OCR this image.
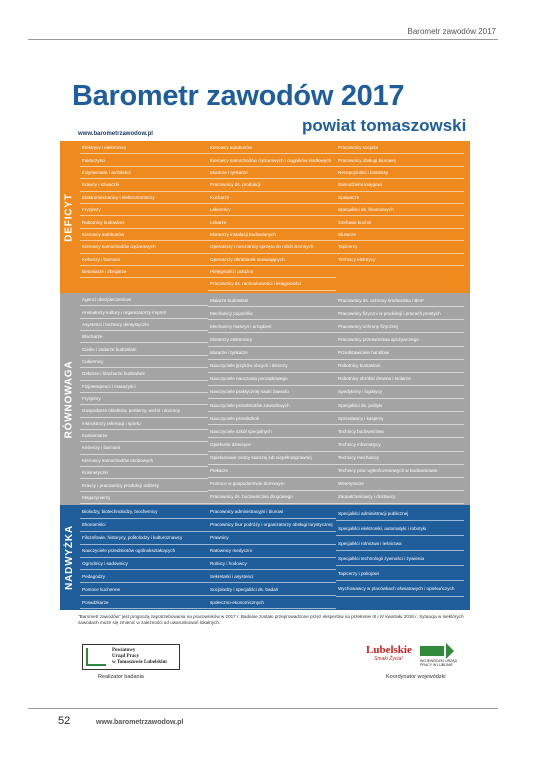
Barometr zawodów 2017
Barometr zawodów 2017
powiat tomaszowski
www.barometrzawodow.pl
DEFICYT
Elektrycy i elektronicy
Fakturzyści
Inżynierowie i architekci
Krawcy i szwaczki
Elektromechanicy i elektromonterzy
Fryzjerzy
Robotnicy budowlani
Kierowcy autobusów
Kierowcy samochodów ciężarowych
Kelnerzy i barmani
Betoniarze i zbrojarze
Kierowcy autobusów
Kierowcy samochodów ciężarowych i ciągników siodłowych
Murarze i tynkarze
Pracownicy ds. produkcji
Kucharze
Lakiernicy
Lekarze
Monterzy instalacji budowlanych
Operatorzy i mechanicy sprzętu do robót ziemnych
Operatorzy obrabiarek skrawających
Pielęgniarki i położne
Pracownicy ds. rachunkowości i księgowości
Pracownicy socjalni
Pracownicy obsługi biurowej
Recepcjoniści i hostessy
Samodzielni księgowi
Spawacze
Specjaliści ds. finansowych
Szefowie kuchni
Ślusarze
Tapicerzy
Technicy elektrycy
RÓWNOWAGA
Agenci ubezpieczeniowi
Animatorzy kultury i organizatorzy imprez
Asystenci i technicy dentystyczni
Blacharze
Cieśle i stolarze budowlani
Cukiernicy
Dekarze i blacharze budowlani
Fizjoterapeuci i masażyści
Fryzjerzy
Gospodarze obiektów, portierzy, woźni i dozorcy
Instruktorzy rekreacji i sportu
Kamieniarze
Kelnerzy i barmani
Kierowcy samochodów osobowych
Kosmetyczki
Kravcy i pracownicy produkcji odzieży
Magazynierzy
Malarze budowlani
Mechanicy pojazdów
Mechanicy maszyn i urządzeń
Monterzy elektronicy
Murarze i tynkarze
Nauczyciele języków obcych i lektorzy
Nauczyciele nauczania początkowego
Nauczyciele praktycznej nauki zawodu
Nauczyciele przedmiotów zawodowych
Nauczyciele przedszkoli
Nauczyciele szkół specjalnych
Opiekunki dziecięce
Opiekunowie osoby starszej lub niepełnosprawnej
Piekarze
Pomoce w gospodarstwie domowym
Pracownicy ds. budownictwa drogowego
Pracownicy ds. ochrony środowiska i BHP
Pracownicy fizyczni w produkcji i pracach prostych
Pracownicy ochrony fizycznej
Pracownicy przetwórstwa spożywczego
Przedstawiciele handlowi
Robotnicy budowlani
Robotnicy obróbki drewna i stolarze
Spedytorzy i logistycy
Specjaliści ds. polityki
Sprzedawcy i kasjerzy
Technicy budownictwa
Technicy informatycy
Technicy mechanicy
Technicy prac wykończeniowych w budownictwie
Weterynarze
Zaopatrzeniowcy i dostawcy
NADWYŻKA
Biolodzy, biotechnolodzy, biochemicy
Ekonomiści
Filozofowie, historycy, politolodzy i kulturoznawcy
Nauczyciele przedmiotów ogólnokształcących
Ogrodnicy i sadownicy
Pedagodzy
Pomoce kuchenne
Posadzkarze
Pracownicy administracyjni i biurowi
Pracownicy biur podróży i organizatorzy obsługi turystycznej
Prawnicy
Ratownicy medyczni
Rolnicy i hodowcy
Sekretarki i asystenci
Socjolodzy i specjaliści ds. badań
społeczno-ekonomicznych
Specjaliści administracji publicznej
Specjaliści elektroniki, automatyki i robotyki
Specjaliści rolnictwa i leśnictwa
Specjaliści technologii żywności i żywienia
Tapicerzy i pokojowi
Wychowawcy w placówkach oświatowych i opiekuńczych
"Barometr zawodów" jest prognozą zapotrzebowania na pracowników w 2017 r. Badanie zostało przeprowadzone przez ekspertów na przełomie III i IV kwartału 2016 r. Sytuacja w niektórych zawodach może się zmienić w zależności od uwarunkowań lokalnych.
Powiatowy
Urząd Pracy
w Tomaszowie Lubelskim
Realizator badania
Lubelskie
Smaki Życia!	WOJEWÓDZKI URZĄD PRACY W LUBLINIE
Koordynator wojewódzki
52	www.barometrzawodow.pl
